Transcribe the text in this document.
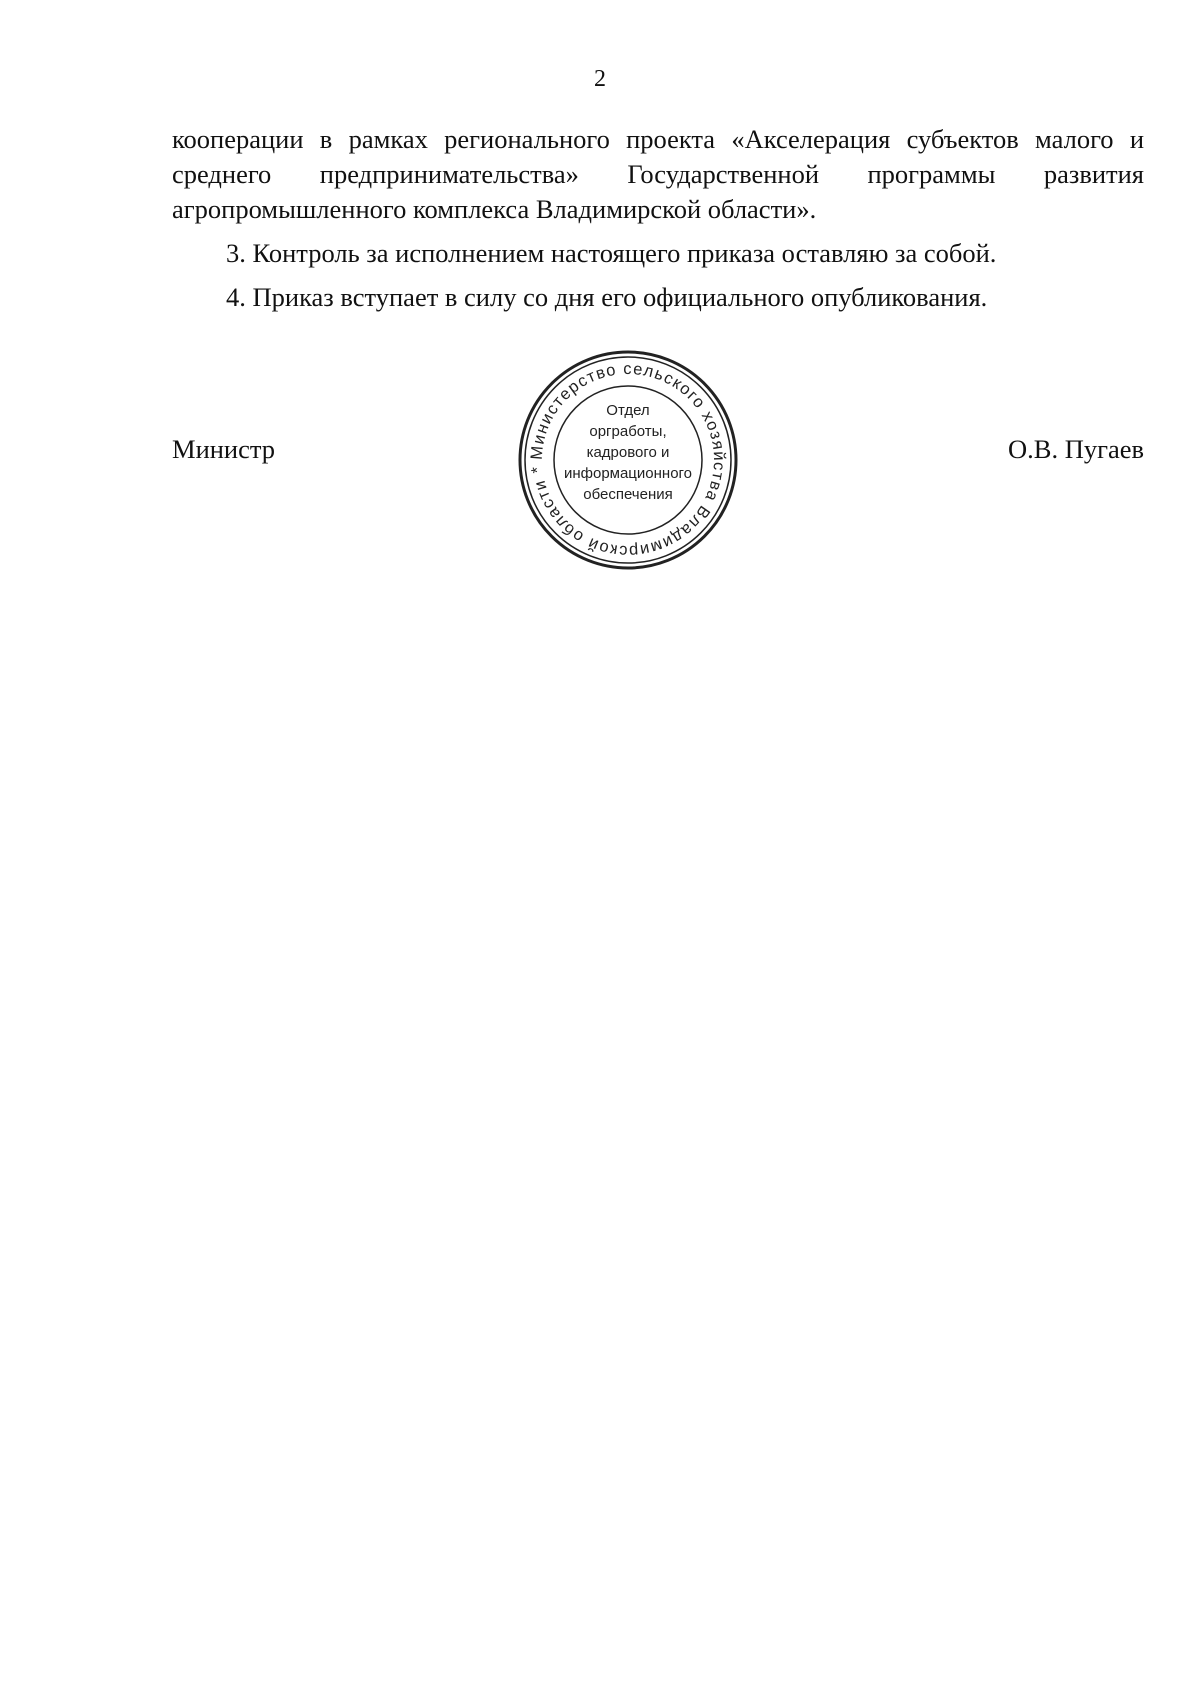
2
кооперации в рамках регионального проекта «Акселерация субъектов малого и среднего предпринимательства» Государственной программы развития агропромышленного комплекса Владимирской области».
3. Контроль за исполнением настоящего приказа оставляю за собой.
4. Приказ вступает в силу со дня его официального опубликования.
Министр	О.В. Пугаев
Министерство сельского хозяйства Владимирской области *
Отдел
оргработы,
кадрового и
информационного
обеспечения
